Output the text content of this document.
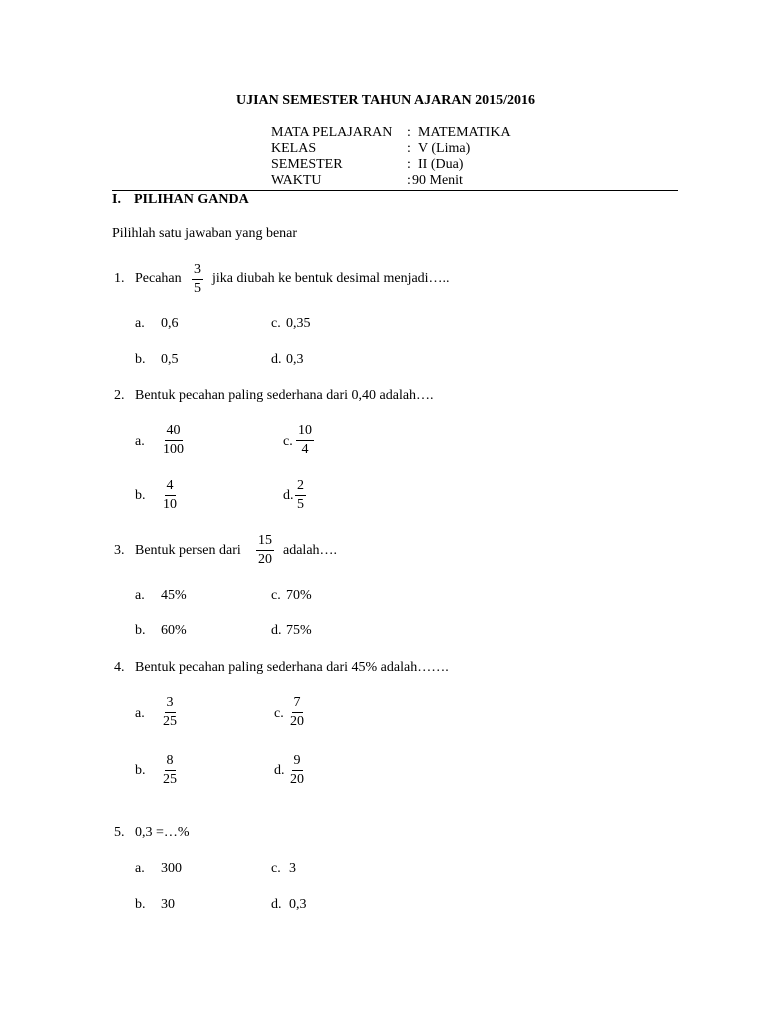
UJIAN SEMESTER TAHUN AJARAN 2015/2016
MATA PELAJARAN : MATEMATIKA
KELAS	: V (Lima)
SEMESTER	: II (Dua)
WAKTU	: 90 Menit
I. PILIHAN GANDA
Pilihlah satu jawaban yang benar
1. Pecahan $\frac{3}{5}$ jika diubah ke bentuk desimal menjadi…..
a. 0,6	c. 0,35
b. 0,5	d. 0,3
2. Bentuk pecahan paling sederhana dari 0,40 adalah….
a. $\frac{40}{100}$	c. $\frac{10}{4}$
b. $\frac{4}{10}$	d. $\frac{2}{5}$
3. Bentuk persen dari $\frac{15}{20}$ adalah….
a. 45%	c. 70%
b. 60%	d. 75%
4. Bentuk pecahan paling sederhana dari 45% adalah…….
a. $\frac{3}{25}$	c. $\frac{7}{20}$
b. $\frac{8}{25}$	d. $\frac{9}{20}$
5. 0,3 =…%
a. 300	c. 3
b. 30	d. 0,3
